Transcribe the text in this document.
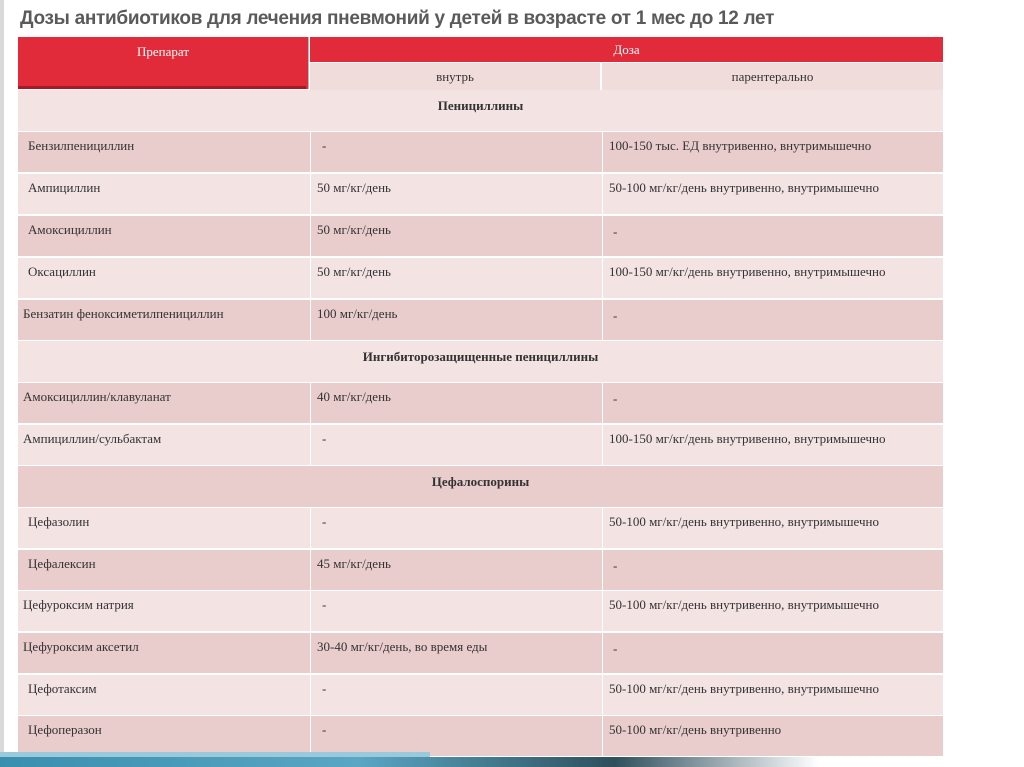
Дозы антибиотиков для лечения пневмоний у детей в возрасте от 1 мес до 12 лет
Препарат	Доза
внутрь	парентерально
Пенициллины
Бензилпенициллин	-	100-150 тыс. ЕД внутривенно, внутримышечно
Ампициллин	50 мг/кг/день	50-100 мг/кг/день внутривенно, внутримышечно
Амоксициллин	50 мг/кг/день	-
Оксациллин	50 мг/кг/день	100-150 мг/кг/день внутривенно, внутримышечно
Бензатин феноксиметилпенициллин	100 мг/кг/день	-
Ингибиторозащищенные пенициллины
Амоксициллин/клавуланат	40 мг/кг/день	-
Ампициллин/сульбактам	-	100-150 мг/кг/день внутривенно, внутримышечно
Цефалоспорины
Цефазолин	-	50-100 мг/кг/день внутривенно, внутримышечно
Цефалексин	45 мг/кг/день	-
Цефуроксим натрия	-	50-100 мг/кг/день внутривенно, внутримышечно
Цефуроксим аксетил	30-40 мг/кг/день, во время еды	-
Цефотаксим	-	50-100 мг/кг/день внутривенно, внутримышечно
Цефоперазон	-	50-100 мг/кг/день внутривенно
